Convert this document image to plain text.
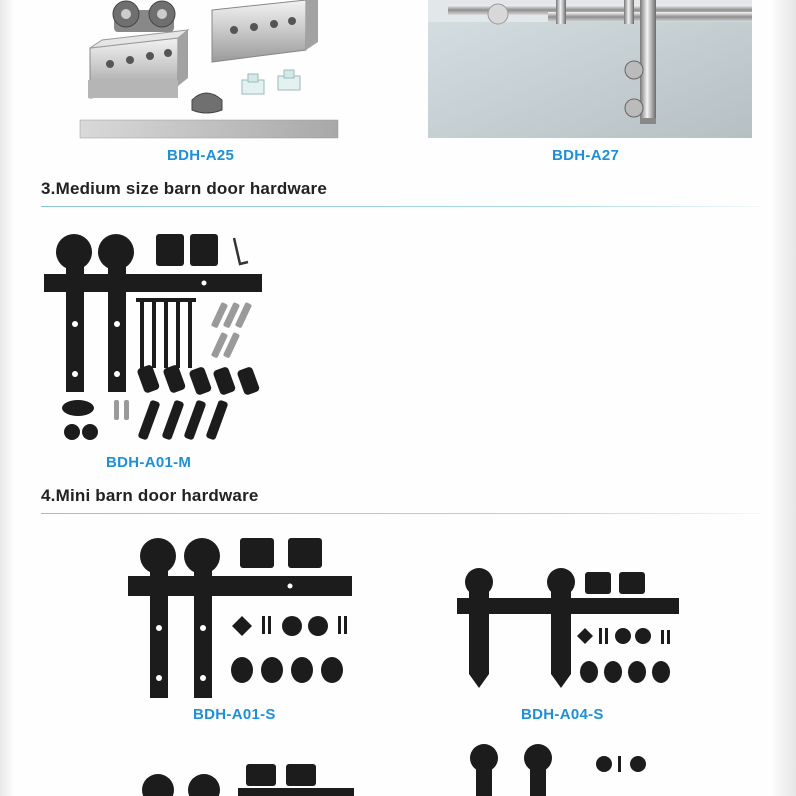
BDH-A25	BDH-A27
3.Medium size barn door hardware
BDH-A01-M
4.Mini barn door hardware
BDH-A01-S	BDH-A04-S
